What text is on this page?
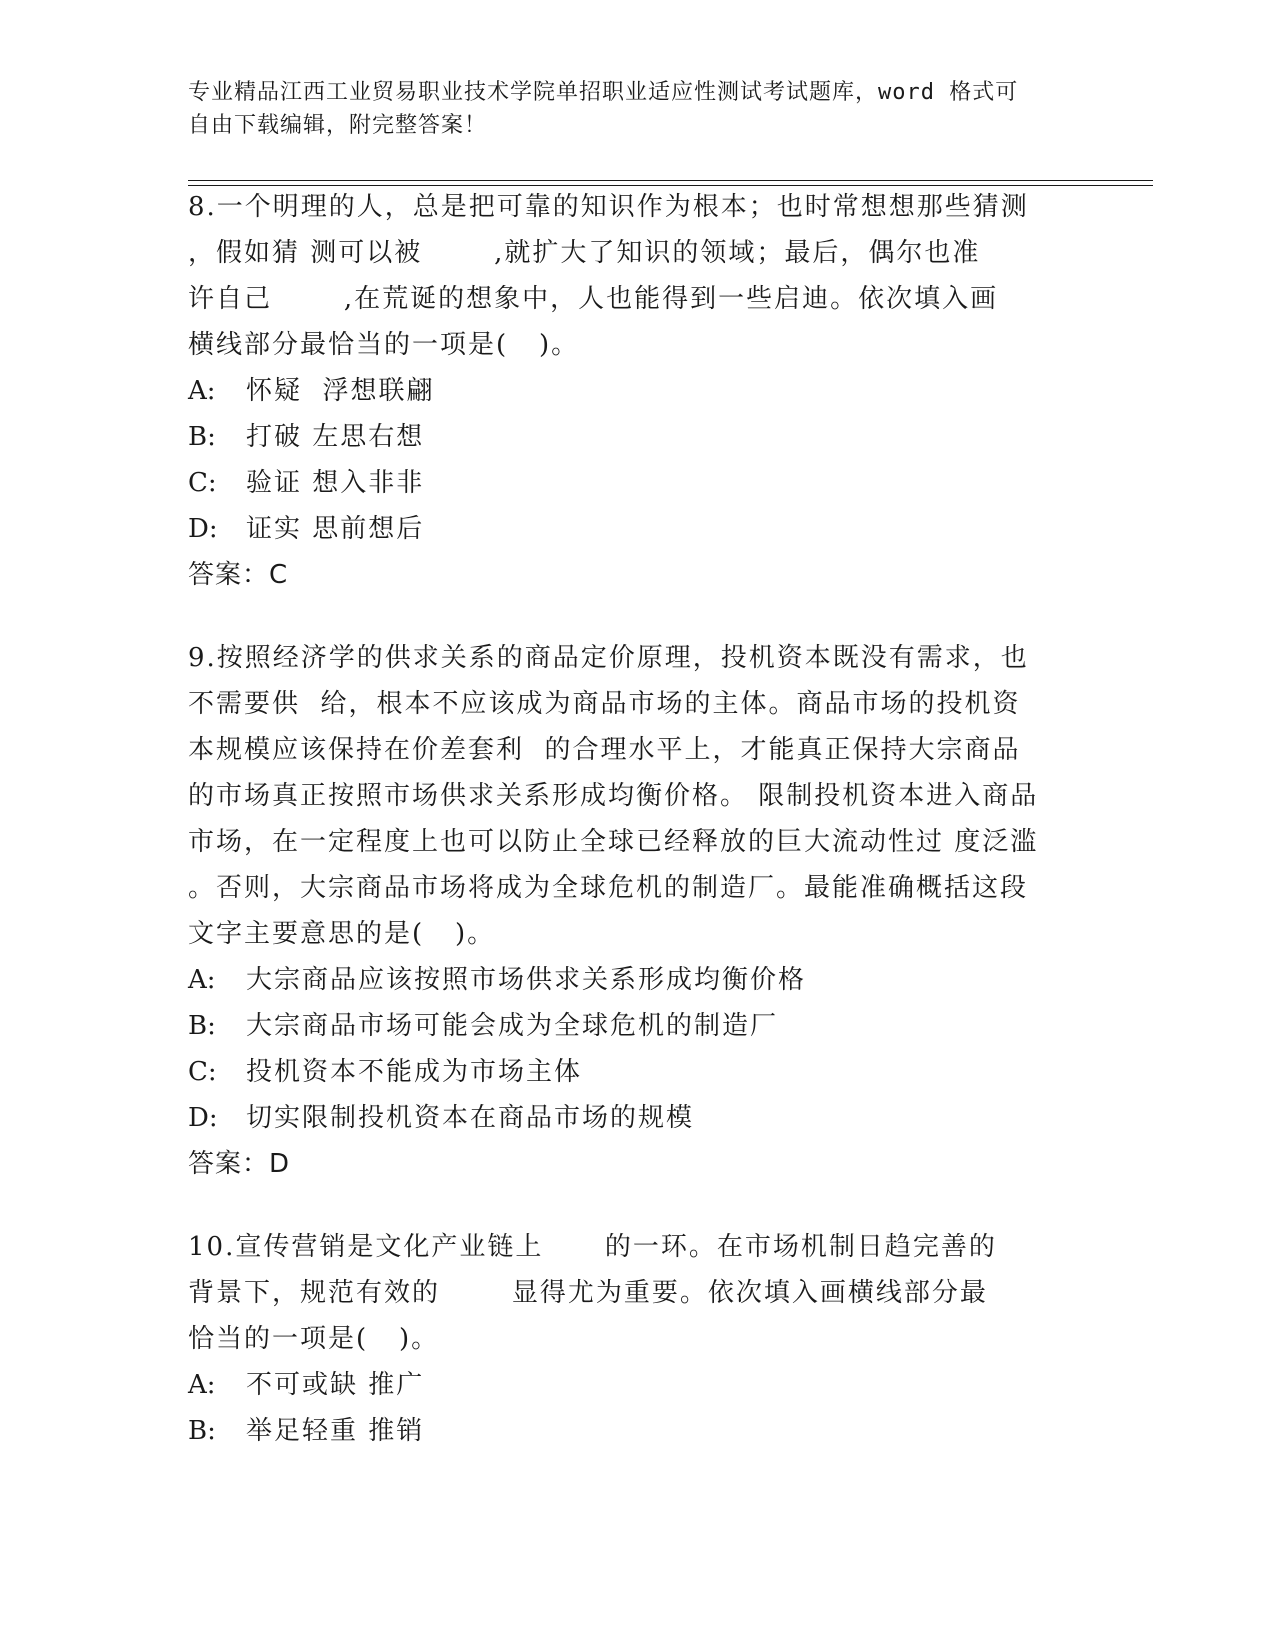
专业精品江西工业贸易职业技术学院单招职业适应性测试考试题库，word 格式可
自由下载编辑，附完整答案！
8.一个明理的人，总是把可靠的知识作为根本；也时常想想那些猜测
，假如猜 测可以被       ,就扩大了知识的领域；最后，偶尔也准
许自己       ,在荒诞的想象中，人也能得到一些启迪。依次填入画
横线部分最恰当的一项是(   )。
A: 怀疑  浮想联翩
B: 打破 左思右想
C: 验证 想入非非
D: 证实 思前想后
答案：C
9.按照经济学的供求关系的商品定价原理，投机资本既没有需求，也
不需要供  给，根本不应该成为商品市场的主体。商品市场的投机资
本规模应该保持在价差套利  的合理水平上，才能真正保持大宗商品
的市场真正按照市场供求关系形成均衡价格。 限制投机资本进入商品
市场，在一定程度上也可以防止全球已经释放的巨大流动性过 度泛滥
。否则，大宗商品市场将成为全球危机的制造厂。最能准确概括这段
文字主要意思的是(   )。
A: 大宗商品应该按照市场供求关系形成均衡价格
B: 大宗商品市场可能会成为全球危机的制造厂
C: 投机资本不能成为市场主体
D: 切实限制投机资本在商品市场的规模
答案：D
10.宣传营销是文化产业链上      的一环。在市场机制日趋完善的
背景下，规范有效的       显得尤为重要。依次填入画横线部分最
恰当的一项是(   )。
A: 不可或缺 推广
B: 举足轻重 推销
